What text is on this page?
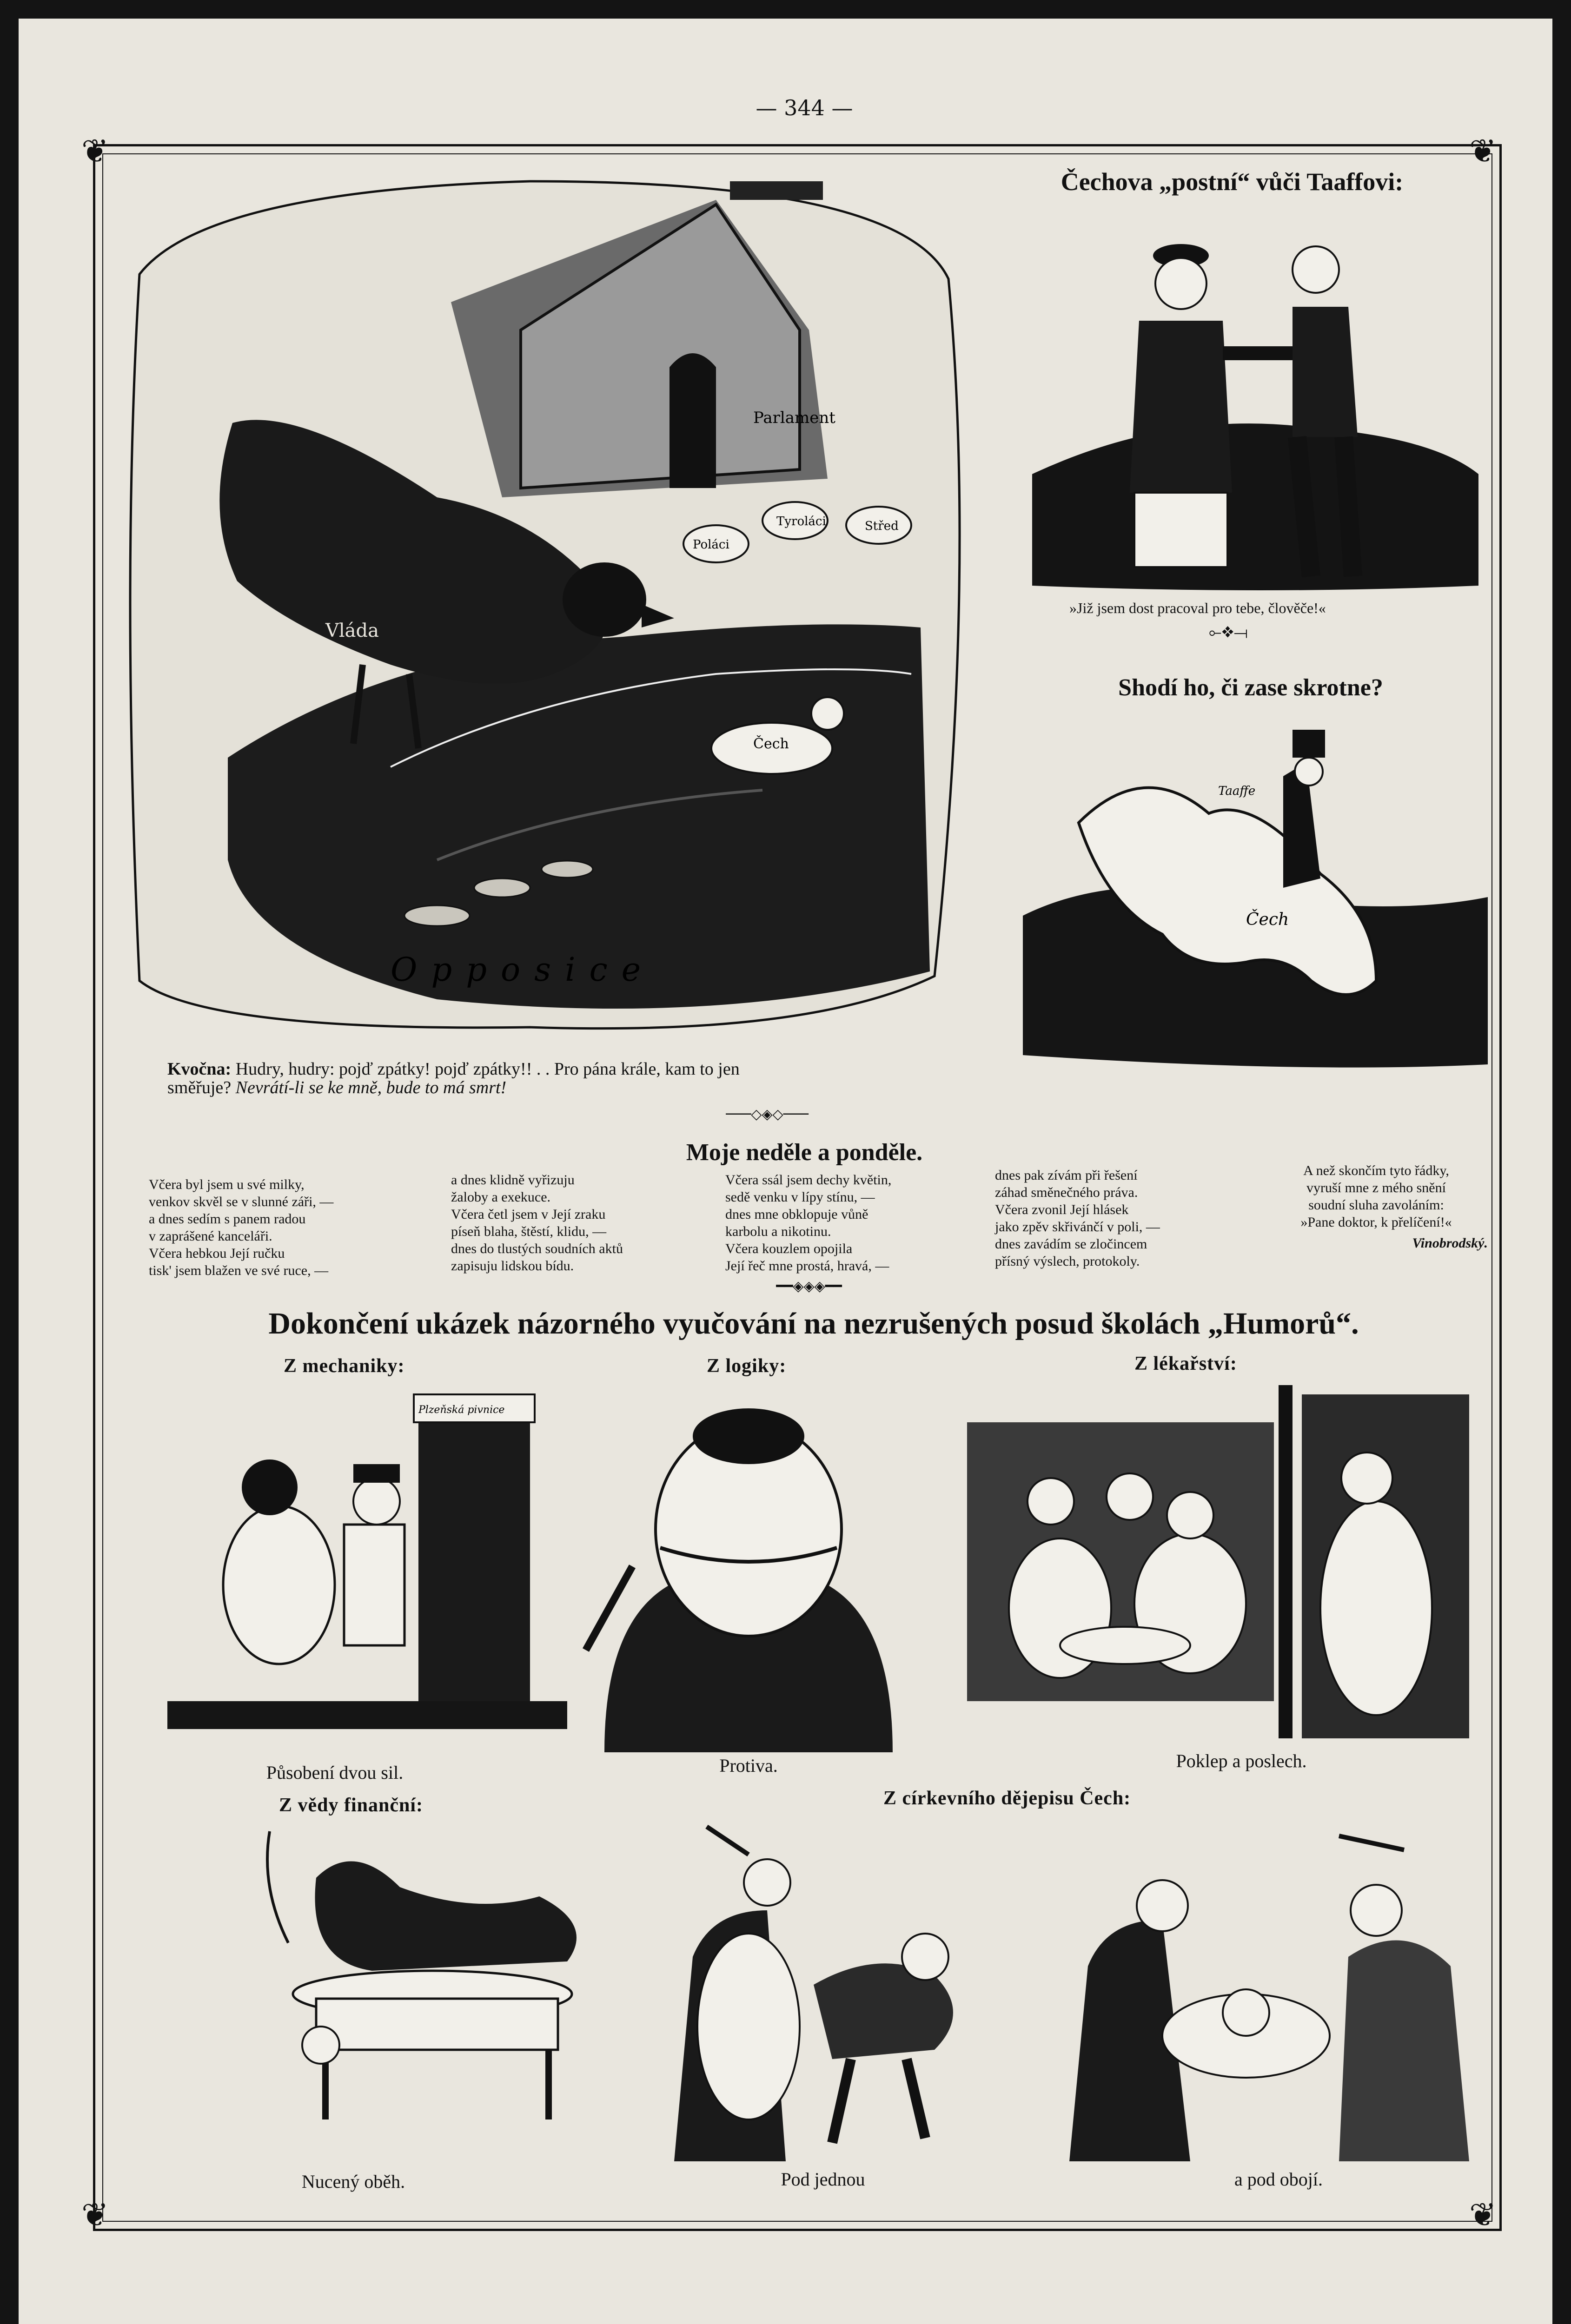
— 344 —
❦	❦
❦	❦
Parlament
Poláci
Tyroláci	Střed
Čech
Vláda
Opposice
Kvočna: Hudry, hudry: pojď zpátky! pojď zpátky!! . . Pro pána krále, kam to jen
směřuje? Nevrátí-li se ke mně, bude to má smrt!
Čechova „postní“ vůči Taaffovi:
»Již jsem dost pracoval pro tebe, člověče!«
⟜❖⟞
Shodí ho, či zase skrotne?
Taaffe
Čech
───◇◈◇───
Moje neděle a ponděle.
Včera byl jsem u své milky,
venkov skvěl se v slunné záři, —
a dnes sedím s panem radou
v zaprášené kanceláři.
Včera hebkou Její ručku
tisk' jsem blažen ve své ruce, —
a dnes klidně vyřizuju
žaloby a exekuce.
Včera četl jsem v Její zraku
píseň blaha, štěstí, klidu, —
dnes do tlustých soudních aktů
zapisuju lidskou bídu.
Včera ssál jsem dechy květin,
sedě venku v lípy stínu, —
dnes mne obklopuje vůně
karbolu a nikotinu.
Včera kouzlem opojila
Její řeč mne prostá, hravá, —
dnes pak zívám při řešení
záhad směnečného práva.
Včera zvonil Její hlásek
jako zpěv skřivánčí v poli, —
dnes zavádím se zločincem
přísný výslech, protokoly.
A než skončím tyto řádky,
vyruší mne z mého snění
soudní sluha zavoláním:
»Pane doktor, k přelíčení!«
Vinobrodský.
━━◈◈◈━━
Dokončení ukázek názorného vyučování na nezrušených posud školách „Humorů“.
Z mechaniky:	Z logiky:	Z lékařství:
Plzeňská pivnice
Působení dvou sil.	Protiva.	Poklep a poslech.
Z vědy finanční:	Z církevního dějepisu Čech:
Nucený oběh.	Pod jednou	a pod obojí.
